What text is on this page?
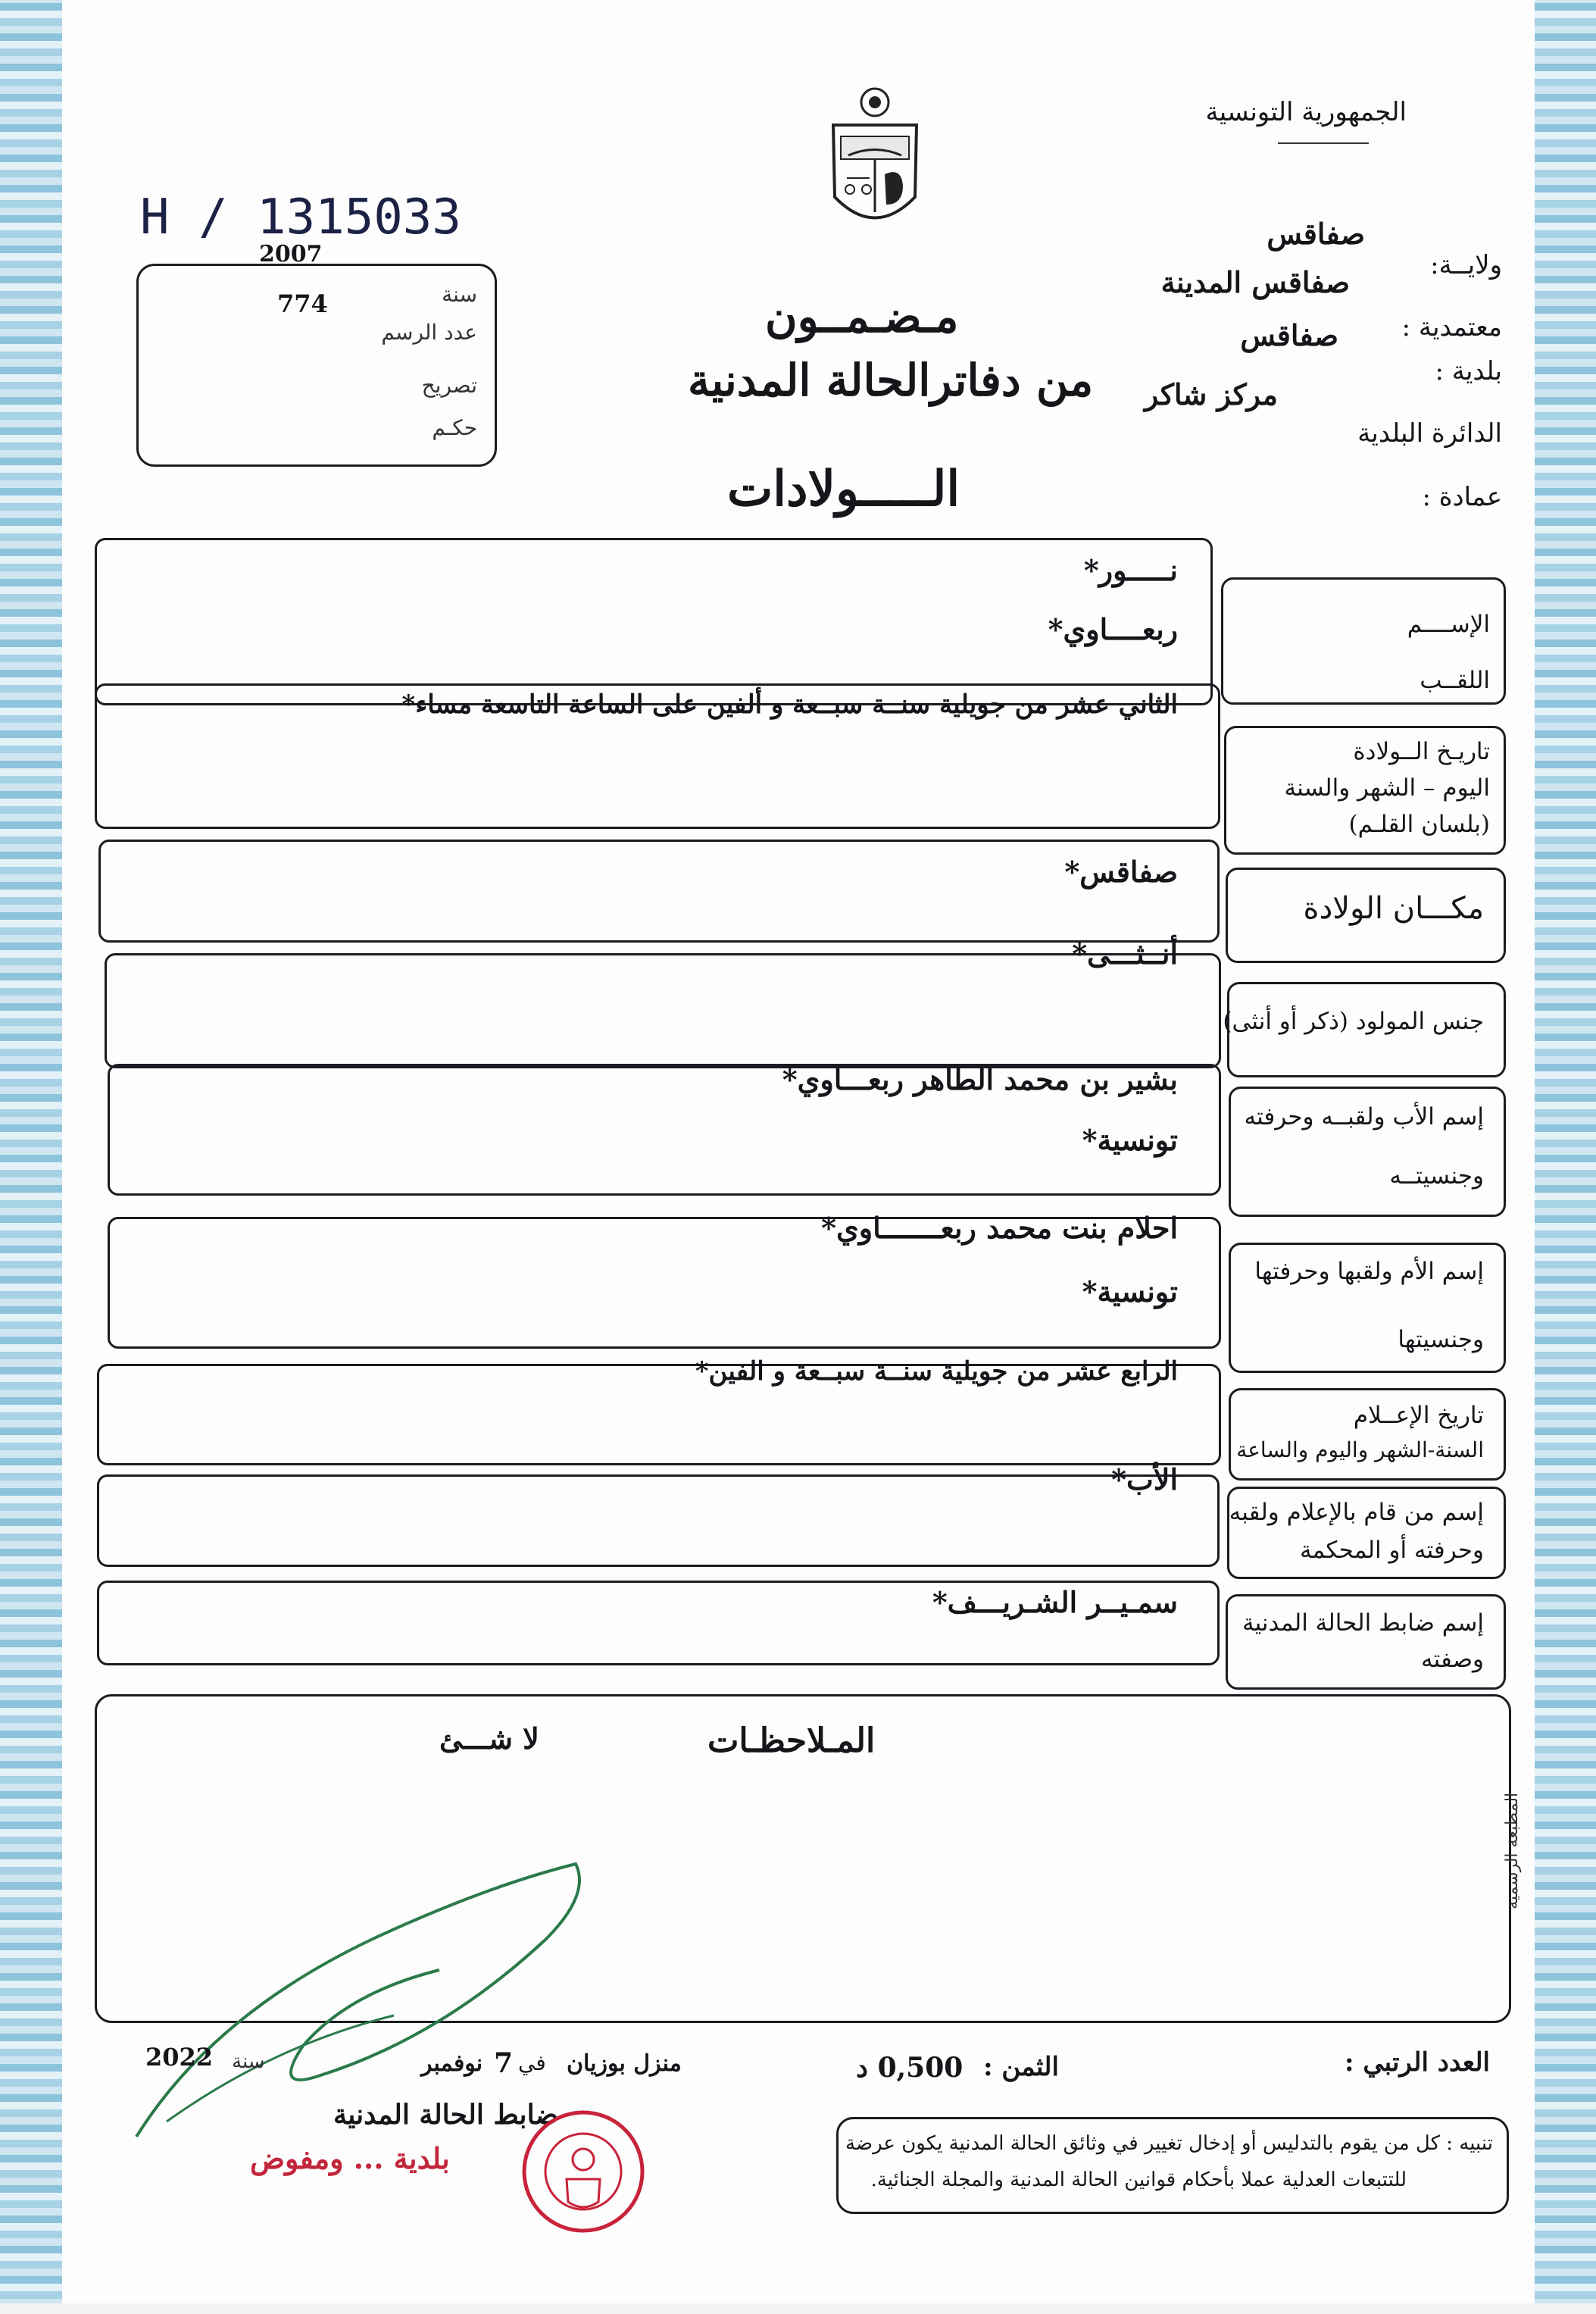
الجمهورية التونسية
H / 1315033
2007
سنة
774
عدد الرسم
تصريح
حكـم
ولايــة:
صفاقس
معتمدية :
صفاقس المدينة
بلدية :
صفاقس
الدائرة البلدية
مركز شاكر
عمادة :
مـضـمــون
من دفاترالحالة المدنية
الـــــولادات
الإســــم
اللقــب
نـــــور*
ربعــــاوي*
تاريـخ الــولادة
اليوم – الشهر والسنة
(بلسان القلـم)
الثاني عشر من جويلية سنــة سبــعة و ألفين على الساعة التاسعة مساء*
مكـــان الولادة
صفاقس*
جنس المولود (ذكر أو أنثى)
أنــثـــى*
إسم الأب ولقبــه وحرفته
وجنسيتــه
بشير بن محمد الطاهر ربعـــاوي*
تونسية*
إسم الأم ولقبها وحرفتها
وجنسيتها
احلام بنت محمد ربعـــــــاوي*
تونسية*
تاريخ الإعــلام
السنة-الشهر واليوم والساعة
الرابع عشر من جويلية سنــة سبــعة و الفين*
إسم من قام بالإعلام ولقبه
وحرفته أو المحكمة
الأب*
إسم ضابط الحالة المدنية
وصفته
سمـيــر الشـريـــف*
المـلاحظـات
لا شـــئ
العدد الرتبي :
الثمن :
0,500 د
منزل بوزيان
في
7
نوفمبر
سنة
2022
ضابط الحالة المدنية
بلدية ... ومفوض	تنبيه : كل من يقوم بالتدليس أو إدخال تغيير في وثائق الحالة المدنية يكون عرضة
للتتبعات العدلية عملا بأحكام قوانين الحالة المدنية والمجلة الجنائية.
المطبعة الرسمية
